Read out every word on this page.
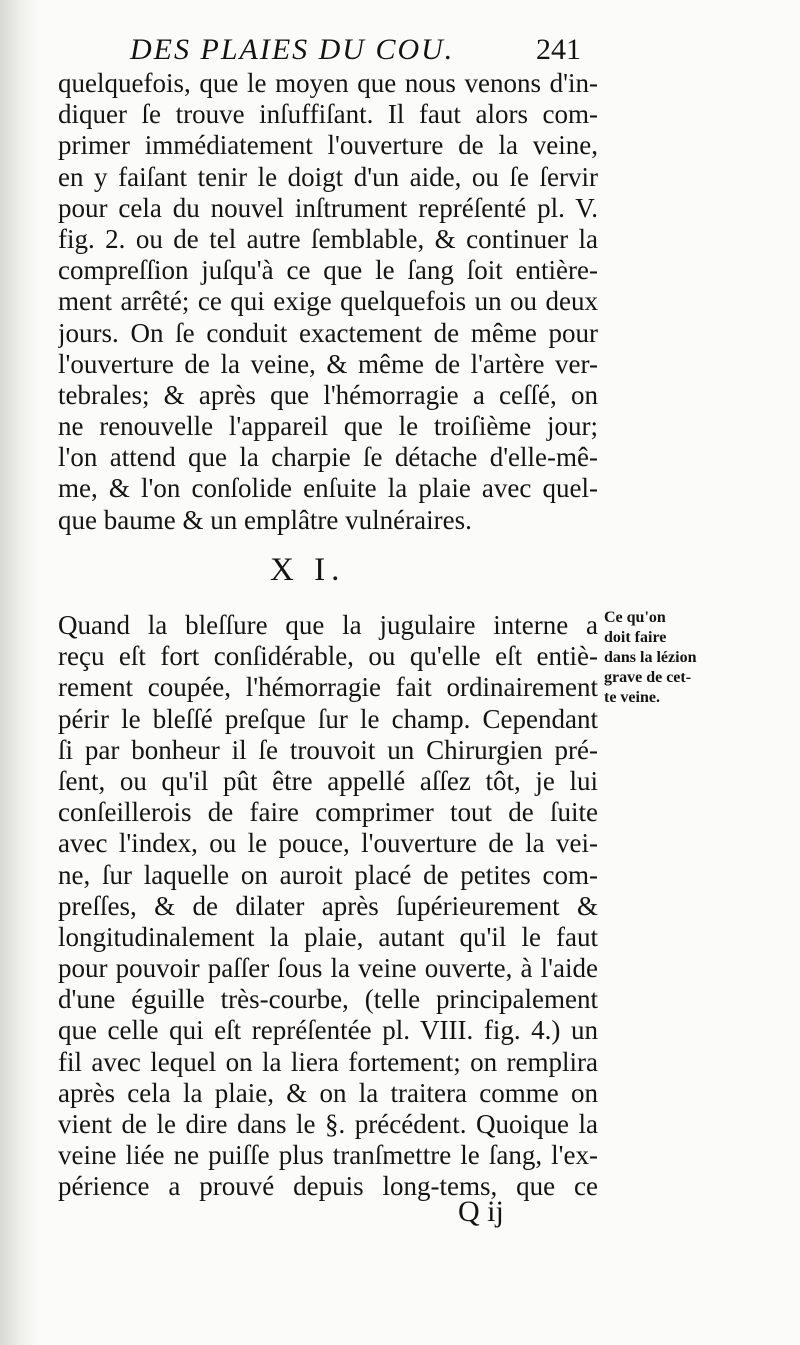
DES PLAIES DU COU.	241
quelquefois, que le moyen que nous venons d'in-
diquer ſe trouve inſuffiſant. Il faut alors com-
primer immédiatement l'ouverture de la veine,
en y faiſant tenir le doigt d'un aide, ou ſe ſervir
pour cela du nouvel inſtrument repréſenté pl. V.
fig. 2. ou de tel autre ſemblable, & continuer la
compreſſion juſqu'à ce que le ſang ſoit entière-
ment arrêté; ce qui exige quelquefois un ou deux
jours. On ſe conduit exactement de même pour
l'ouverture de la veine, & même de l'artère ver-
tebrales; & après que l'hémorragie a ceſſé, on
ne renouvelle l'appareil que le troiſième jour;
l'on attend que la charpie ſe détache d'elle-mê-
me, & l'on conſolide enſuite la plaie avec quel-
que baume & un emplâtre vulnéraires.
X I.
Quand la bleſſure que la jugulaire interne a
reçu eſt fort conſidérable, ou qu'elle eſt entiè-
rement coupée, l'hémorragie fait ordinairement
périr le bleſſé preſque ſur le champ. Cependant
ſi par bonheur il ſe trouvoit un Chirurgien pré-
ſent, ou qu'il pût être appellé aſſez tôt, je lui
conſeillerois de faire comprimer tout de ſuite
avec l'index, ou le pouce, l'ouverture de la vei-
ne, ſur laquelle on auroit placé de petites com-
preſſes, & de dilater après ſupérieurement &
longitudinalement la plaie, autant qu'il le faut
pour pouvoir paſſer ſous la veine ouverte, à l'aide
d'une éguille très-courbe, (telle principalement
que celle qui eſt repréſentée pl. VIII. fig. 4.) un
fil avec lequel on la liera fortement; on remplira
après cela la plaie, & on la traitera comme on
vient de le dire dans le §. précédent. Quoique la
veine liée ne puiſſe plus tranſmettre le ſang, l'ex-
périence a prouvé depuis long-tems, que ce
Ce qu'on
doit faire
dans la lézion
grave de cet-
te veine.
Q ij
